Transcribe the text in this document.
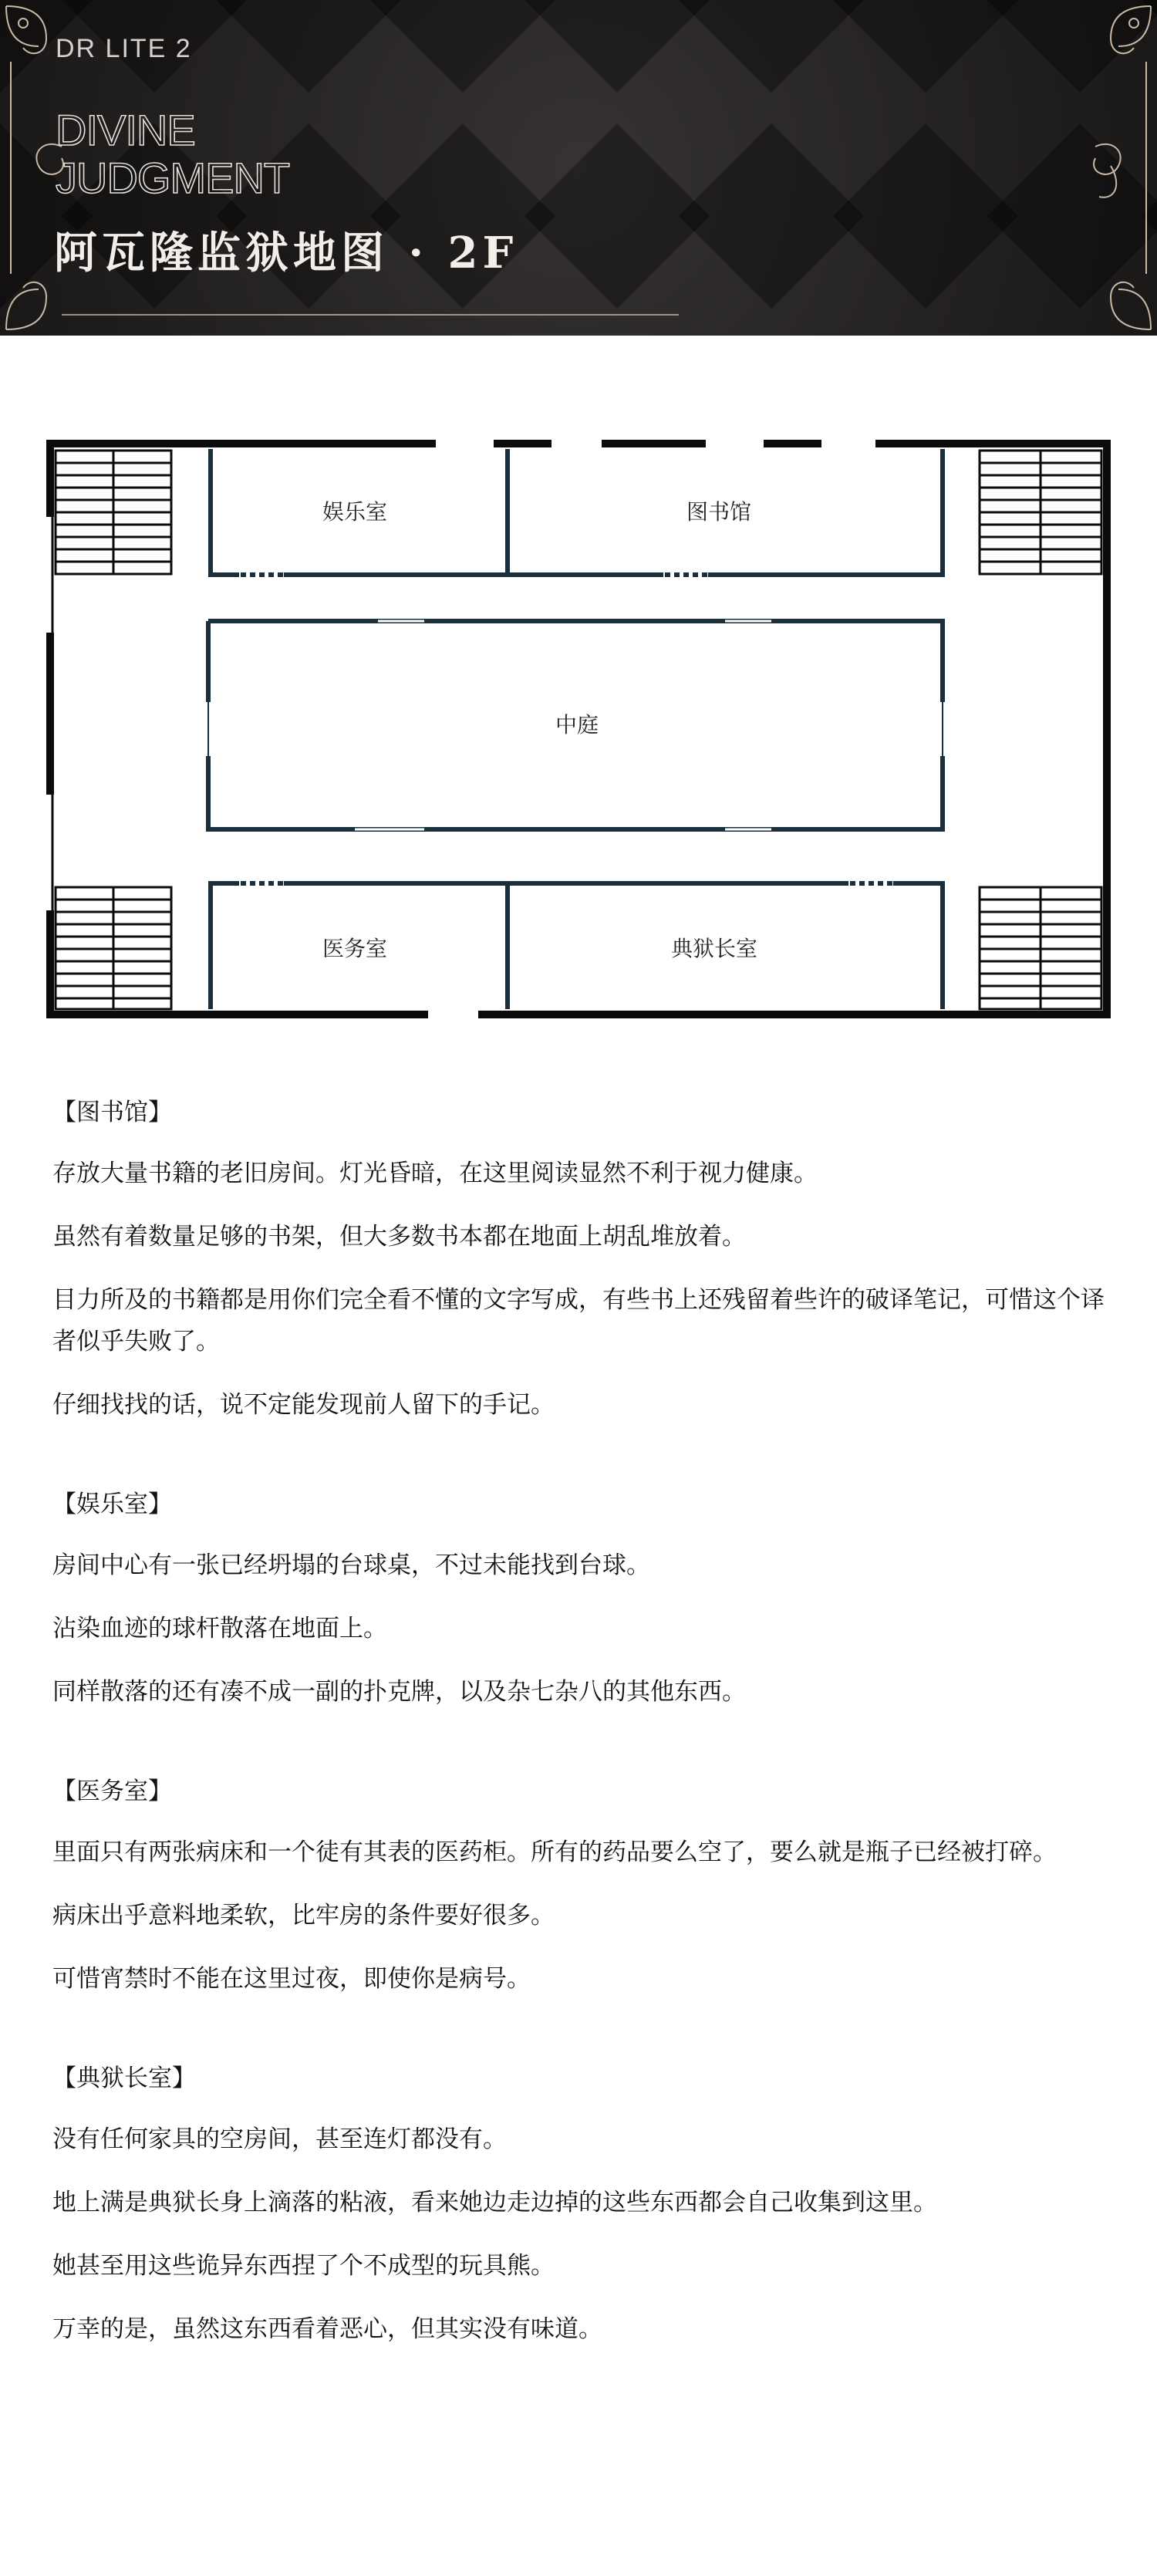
DR LITE 2
DIVINE
JUDGMENT
阿瓦隆监狱地图 · 2F
娱乐室	图书馆
中庭
医务室	典狱长室
【图书馆】
存放大量书籍的老旧房间。灯光昏暗，在这里阅读显然不利于视力健康。
虽然有着数量足够的书架，但大多数书本都在地面上胡乱堆放着。
目力所及的书籍都是用你们完全看不懂的文字写成，有些书上还残留着些许的破译笔记，可惜这个译者似乎失败了。
仔细找找的话，说不定能发现前人留下的手记。
【娱乐室】
房间中心有一张已经坍塌的台球桌，不过未能找到台球。
沾染血迹的球杆散落在地面上。
同样散落的还有凑不成一副的扑克牌，以及杂七杂八的其他东西。
【医务室】
里面只有两张病床和一个徒有其表的医药柜。所有的药品要么空了，要么就是瓶子已经被打碎。
病床出乎意料地柔软，比牢房的条件要好很多。
可惜宵禁时不能在这里过夜，即使你是病号。
【典狱长室】
没有任何家具的空房间，甚至连灯都没有。
地上满是典狱长身上滴落的粘液，看来她边走边掉的这些东西都会自己收集到这里。
她甚至用这些诡异东西捏了个不成型的玩具熊。
万幸的是，虽然这东西看着恶心，但其实没有味道。
